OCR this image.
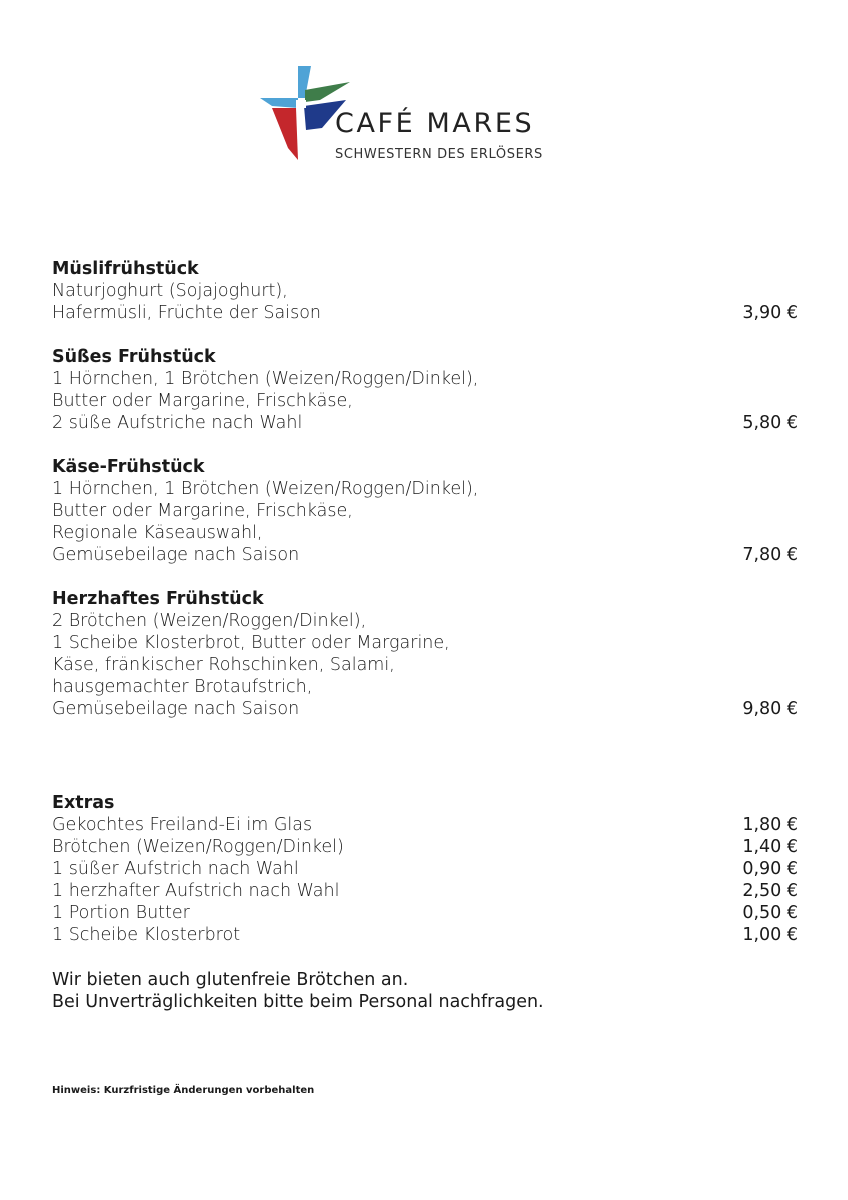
CAFÉ MARES
SCHWESTERN DES ERLÖSERS
Müslifrühstück
Naturjoghurt (Sojajoghurt),
Hafermüsli, Früchte der Saison	3,90 €
Süßes Frühstück
1 Hörnchen, 1 Brötchen (Weizen/Roggen/Dinkel),
Butter oder Margarine, Frischkäse,
2 süße Aufstriche nach Wahl	5,80 €
Käse-Frühstück
1 Hörnchen, 1 Brötchen (Weizen/Roggen/Dinkel),
Butter oder Margarine, Frischkäse,
Regionale Käseauswahl,
Gemüsebeilage nach Saison	7,80 €
Herzhaftes Frühstück
2 Brötchen (Weizen/Roggen/Dinkel),
1 Scheibe Klosterbrot, Butter oder Margarine,
Käse, fränkischer Rohschinken, Salami,
hausgemachter Brotaufstrich,
Gemüsebeilage nach Saison	9,80 €
Extras
Gekochtes Freiland-Ei im Glas	1,80 €
Brötchen (Weizen/Roggen/Dinkel)	1,40 €
1 süßer Aufstrich nach Wahl	0,90 €
1 herzhafter Aufstrich nach Wahl	2,50 €
1 Portion Butter	0,50 €
1 Scheibe Klosterbrot	1,00 €
Wir bieten auch glutenfreie Brötchen an.
Bei Unverträglichkeiten bitte beim Personal nachfragen.
Hinweis: Kurzfristige Änderungen vorbehalten
